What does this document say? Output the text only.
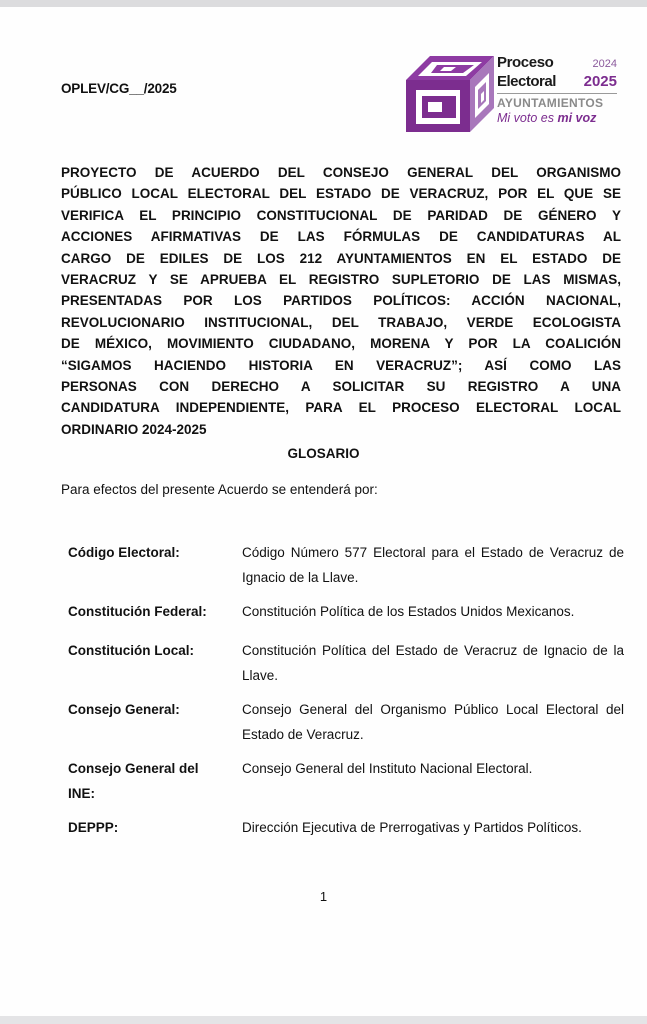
OPLEV/CG__/2025
Proceso	2024
Electoral 2025
AYUNTAMIENTOS
Mi voto es mi voz
PROYECTO DE ACUERDO DEL CONSEJO GENERAL DEL ORGANISMO
PÚBLICO LOCAL ELECTORAL DEL ESTADO DE VERACRUZ, POR EL QUE SE
VERIFICA EL PRINCIPIO CONSTITUCIONAL DE PARIDAD DE GÉNERO Y
ACCIONES AFIRMATIVAS DE LAS FÓRMULAS DE CANDIDATURAS AL
CARGO DE EDILES DE LOS 212 AYUNTAMIENTOS EN EL ESTADO DE
VERACRUZ Y SE APRUEBA EL REGISTRO SUPLETORIO DE LAS MISMAS,
PRESENTADAS POR LOS PARTIDOS POLÍTICOS: ACCIÓN NACIONAL,
REVOLUCIONARIO INSTITUCIONAL, DEL TRABAJO, VERDE ECOLOGISTA
DE MÉXICO, MOVIMIENTO CIUDADANO, MORENA Y POR LA COALICIÓN
“SIGAMOS HACIENDO HISTORIA EN VERACRUZ”; ASÍ COMO LAS
PERSONAS CON DERECHO A SOLICITAR SU REGISTRO A UNA
CANDIDATURA INDEPENDIENTE, PARA EL PROCESO ELECTORAL LOCAL
ORDINARIO 2024-2025
GLOSARIO
Para efectos del presente Acuerdo se entenderá por:
Código Electoral:	Código Número 577 Electoral para el Estado de Veracruz de Ignacio de la Llave.
Constitución Federal:	Constitución Política de los Estados Unidos Mexicanos.
Constitución Local:	Constitución Política del Estado de Veracruz de Ignacio de la Llave.
Consejo General:	Consejo General del Organismo Público Local Electoral del Estado de Veracruz.
Consejo General del INE:
Consejo General del Instituto Nacional Electoral.
DEPPP:	Dirección Ejecutiva de Prerrogativas y Partidos Políticos.
1
